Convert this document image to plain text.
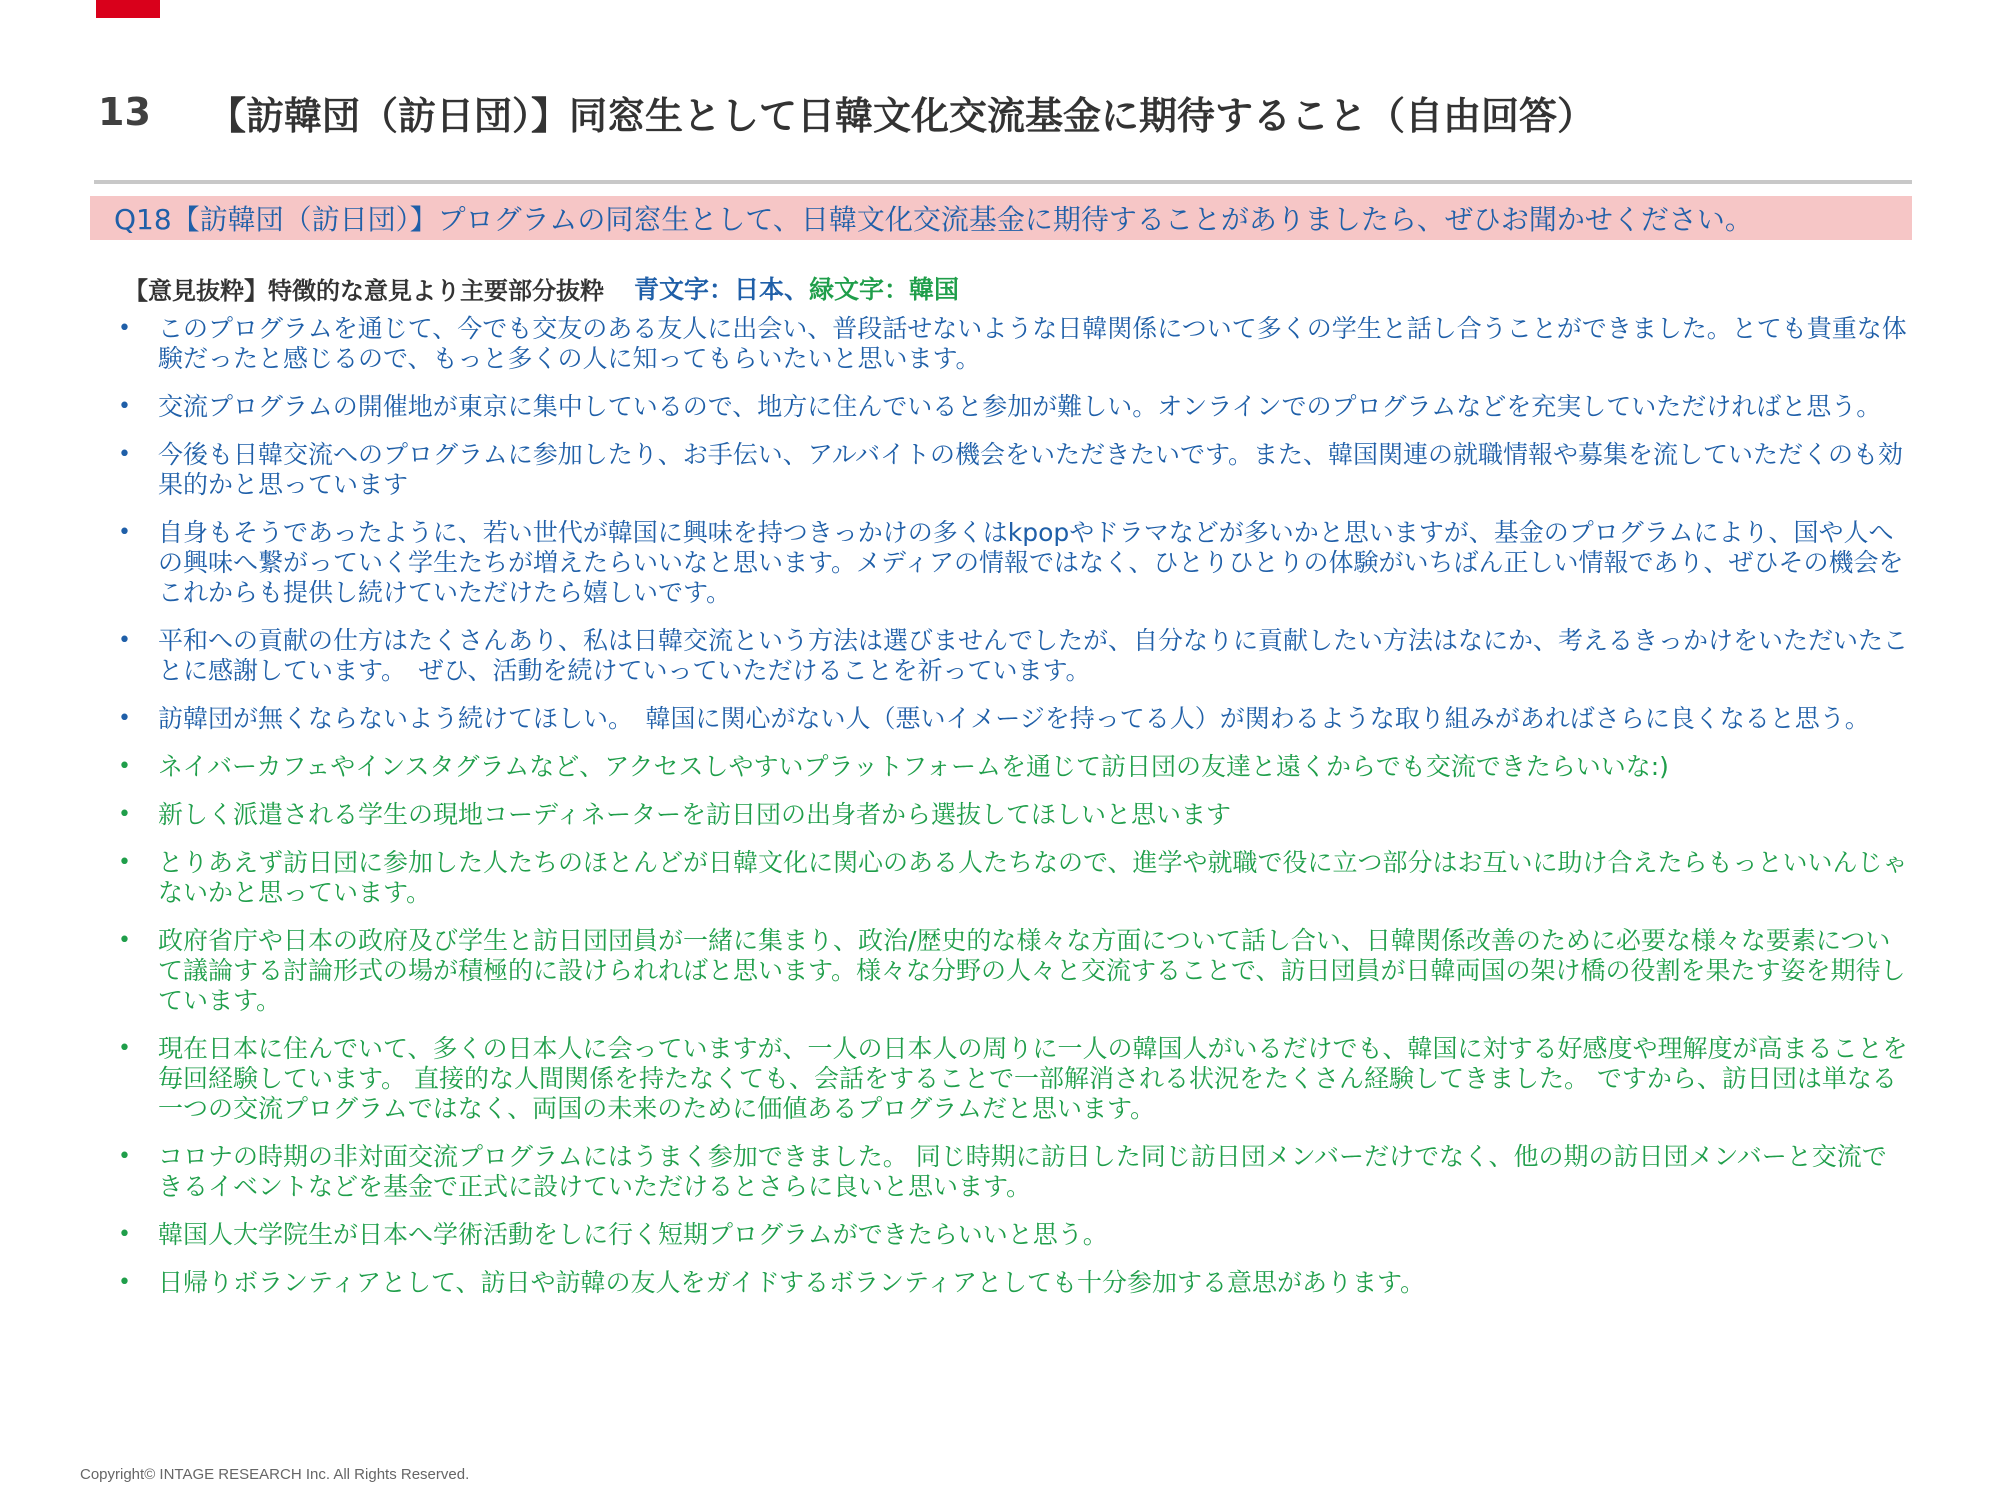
13	【訪韓団（訪日団）】同窓生として日韓文化交流基金に期待すること（自由回答）
Q18【訪韓団（訪日団）】プログラムの同窓生として、日韓文化交流基金に期待することがありましたら、ぜひお聞かせください。
【意見抜粋】特徴的な意見より主要部分抜粋 青文字：日本 、 緑文字：韓国
• このプログラムを通じて、今でも交友のある友人に出会い、普段話せないような日韓関係について多くの学生と話し合うことができました。とても貴重な体験だったと感じるので、もっと多くの人に知ってもらいたいと思います。
• 交流プログラムの開催地が東京に集中しているので、地方に住んでいると参加が難しい。オンラインでのプログラムなどを充実していただければと思う。
• 今後も日韓交流へのプログラムに参加したり、お手伝い、アルバイトの機会をいただきたいです。また、韓国関連の就職情報や募集を流していただくのも効果的かと思っています
• 自身もそうであったように、若い世代が韓国に興味を持つきっかけの多くはkpopやドラマなどが多いかと思いますが、基金のプログラムにより、国や人への興味へ繋がっていく学生たちが増えたらいいなと思います。メディアの情報ではなく、ひとりひとりの体験がいちばん正しい情報であり、ぜひその機会をこれからも提供し続けていただけたら嬉しいです。
• 平和への貢献の仕方はたくさんあり、私は日韓交流という方法は選びませんでしたが、自分なりに貢献したい方法はなにか、考えるきっかけをいただいたことに感謝しています。　ぜひ、活動を続けていっていただけることを祈っています。
• 訪韓団が無くならないよう続けてほしい。　韓国に関心がない人（悪いイメージを持ってる人）が関わるような取り組みがあればさらに良くなると思う。
• ネイバーカフェやインスタグラムなど、アクセスしやすいプラットフォームを通じて訪日団の友達と遠くからでも交流できたらいいな:)
• 新しく派遣される学生の現地コーディネーターを訪日団の出身者から選抜してほしいと思います
• とりあえず訪日団に参加した人たちのほとんどが日韓文化に関心のある人たちなので、進学や就職で役に立つ部分はお互いに助け合えたらもっといいんじゃないかと思っています。
• 政府省庁や日本の政府及び学生と訪日団団員が一緒に集まり、政治/歴史的な様々な方面について話し合い、日韓関係改善のために必要な様々な要素について議論する討論形式の場が積極的に設けられればと思います。様々な分野の人々と交流することで、訪日団員が日韓両国の架け橋の役割を果たす姿を期待しています。
• 現在日本に住んでいて、多くの日本人に会っていますが、一人の日本人の周りに一人の韓国人がいるだけでも、韓国に対する好感度や理解度が高まることを毎回経験しています。 直接的な人間関係を持たなくても、会話をすることで一部解消される状況をたくさん経験してきました。 ですから、訪日団は単なる一つの交流プログラムではなく、両国の未来のために価値あるプログラムだと思います。
• コロナの時期の非対面交流プログラムにはうまく参加できました。 同じ時期に訪日した同じ訪日団メンバーだけでなく、他の期の訪日団メンバーと交流できるイベントなどを基金で正式に設けていただけるとさらに良いと思います。
• 韓国人大学院生が日本へ学術活動をしに行く短期プログラムができたらいいと思う。
• 日帰りボランティアとして、訪日や訪韓の友人をガイドするボランティアとしても十分参加する意思があります。
Copyright© INTAGE RESEARCH Inc. All Rights Reserved.
